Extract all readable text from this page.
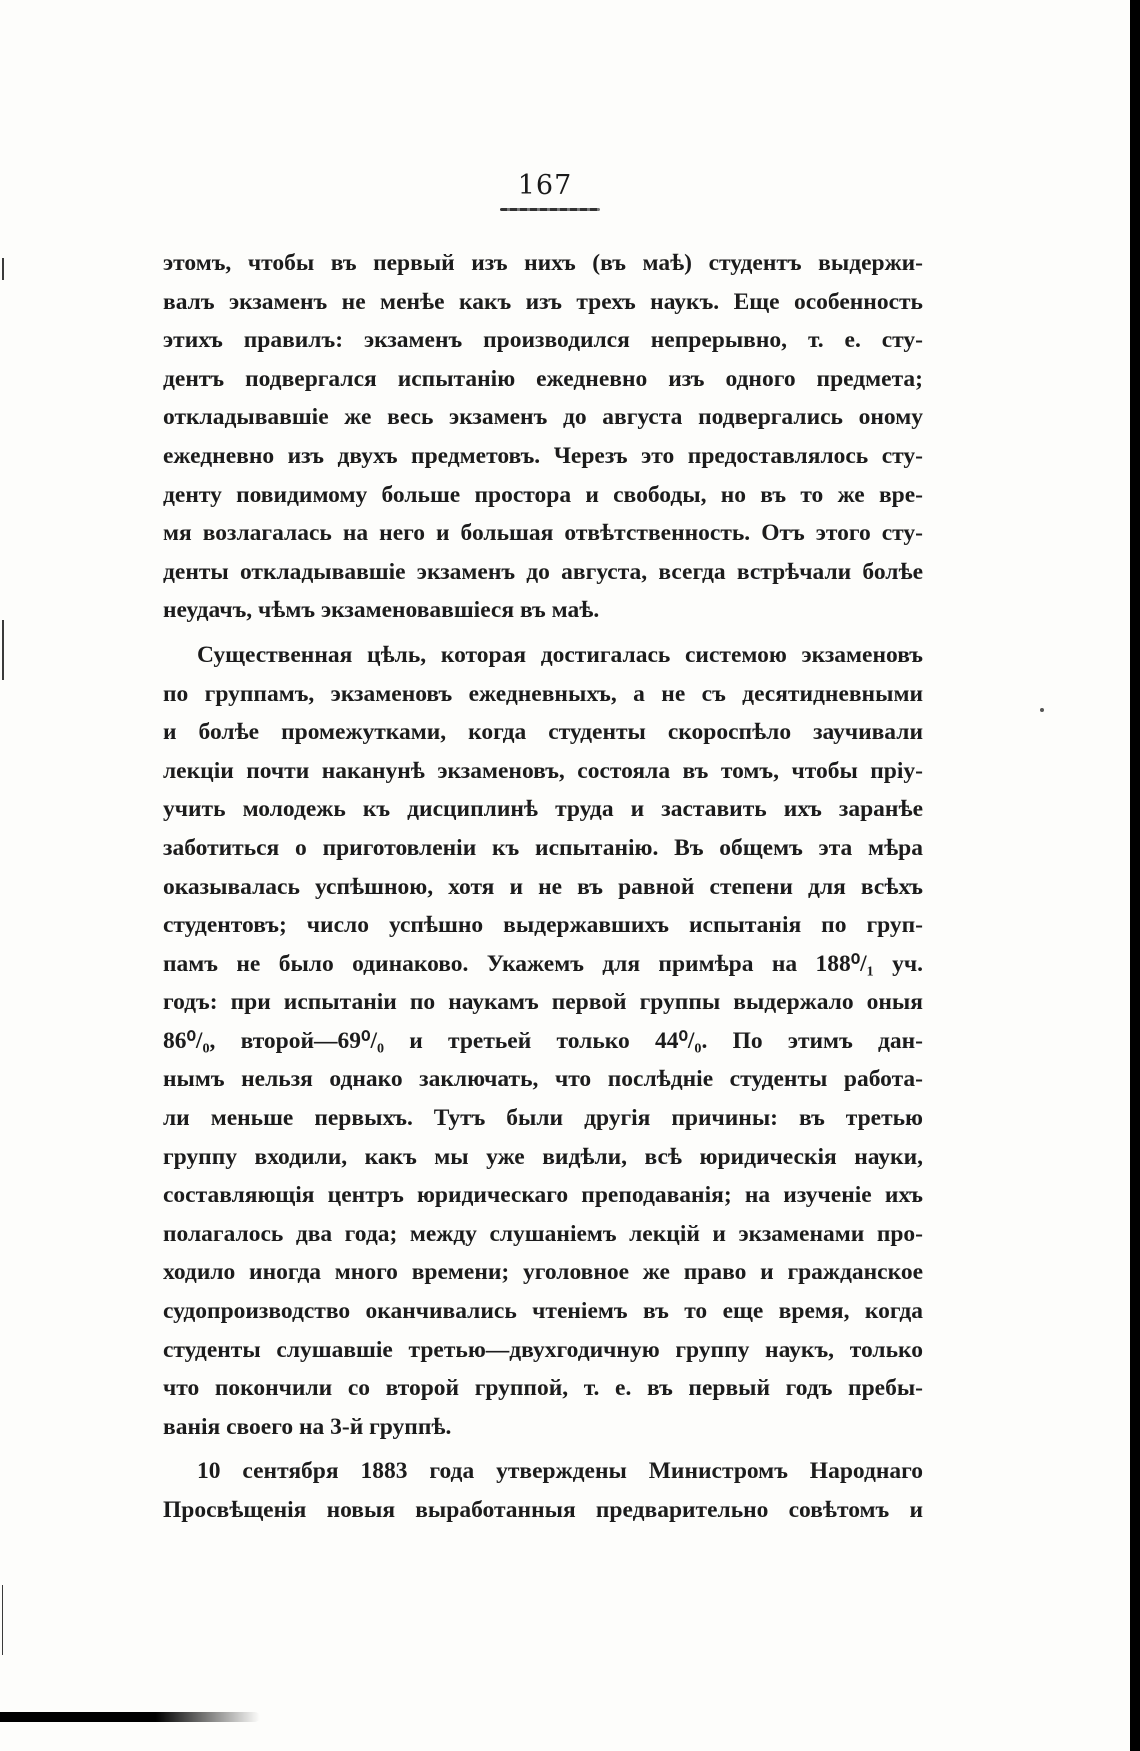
167
этомъ, чтобы въ первый изъ нихъ (въ маѣ) студентъ выдержи-
валъ экзаменъ не менѣе какъ изъ трехъ наукъ. Еще особенность
этихъ правилъ: экзаменъ производился непрерывно, т. е. сту-
дентъ подвергался испытанію ежедневно изъ одного предмета;
откладывавшіе же весь экзаменъ до августа подвергались оному
ежедневно изъ двухъ предметовъ. Черезъ это предоставлялось сту-
денту повидимому больше простора и свободы, но въ то же вре-
мя возлагалась на него и большая отвѣтственность. Отъ этого сту-
денты откладывавшіе экзаменъ до августа, всегда встрѣчали болѣе
неудачъ, чѣмъ экзаменовавшіеся въ маѣ.
Существенная цѣль, которая достигалась системою экзаменовъ
по группамъ, экзаменовъ ежедневныхъ, а не съ десятидневными
и болѣе промежутками, когда студенты скороспѣло заучивали
лекціи почти наканунѣ экзаменовъ, состояла въ томъ, чтобы пріу-
учить молодежь къ дисциплинѣ труда и заставить ихъ заранѣе
заботиться о приготовленіи къ испытанію. Въ общемъ эта мѣра
оказывалась успѣшною, хотя и не въ равной степени для всѣхъ
студентовъ; число успѣшно выдержавшихъ испытанія по груп-
памъ не было одинаково. Укажемъ для примѣра на 188⁰/₁ уч.
годъ: при испытаніи по наукамъ первой группы выдержало оныя
86⁰/₀, второй—69⁰/₀ и третьей только 44⁰/₀. По этимъ дан-
нымъ нельзя однако заключать, что послѣдніе студенты работа-
ли меньше первыхъ. Тутъ были другія причины: въ третью
группу входили, какъ мы уже видѣли, всѣ юридическія науки,
составляющія центръ юридическаго преподаванія; на изученіе ихъ
полагалось два года; между слушаніемъ лекцій и экзаменами про-
ходило иногда много времени; уголовное же право и гражданское
судопроизводство оканчивались чтеніемъ въ то еще время, когда
студенты слушавшіе третью—двухгодичную группу наукъ, только
что покончили со второй группой, т. е. въ первый годъ пребы-
ванія своего на 3-й группѣ.
10 сентября 1883 года утверждены Министромъ Народнаго
Просвѣщенія новыя выработанныя предварительно совѣтомъ и
